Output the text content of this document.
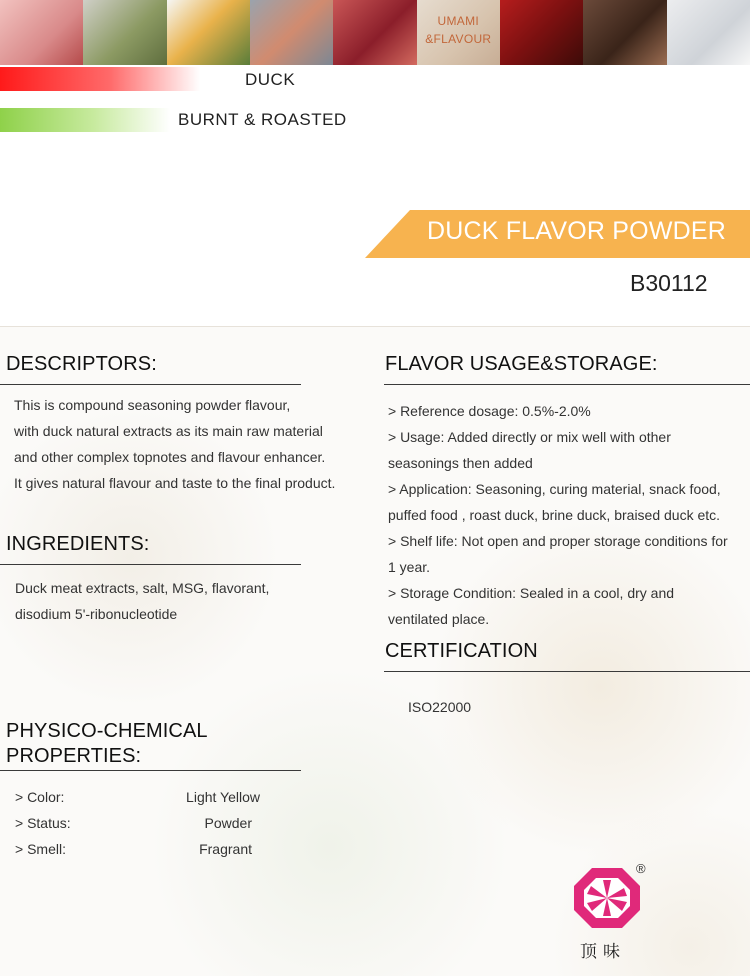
UMAMI
&FLAVOUR
DUCK
BURNT & ROASTED
DUCK FLAVOR POWDER
B30112
DESCRIPTORS:
This is compound seasoning powder flavour,
with duck natural extracts as its main raw material
and other complex topnotes and flavour enhancer.
It gives natural flavour and taste to the final product.
INGREDIENTS:
Duck meat extracts, salt, MSG, flavorant,
disodium 5'-ribonucleotide
PHYSICO-CHEMICAL
PROPERTIES:
> Color:	Light Yellow
> Status:	Powder
> Smell:	Fragrant
FLAVOR USAGE&STORAGE:
> Reference dosage: 0.5%-2.0%
> Usage: Added directly or mix well with other
seasonings then added
> Application: Seasoning, curing material, snack food,
puffed food , roast duck, brine duck, braised duck etc.
> Shelf life: Not open and proper storage conditions for
1 year.
> Storage Condition: Sealed in a cool, dry and
ventilated place.
CERTIFICATION
ISO22000
®
顶味
